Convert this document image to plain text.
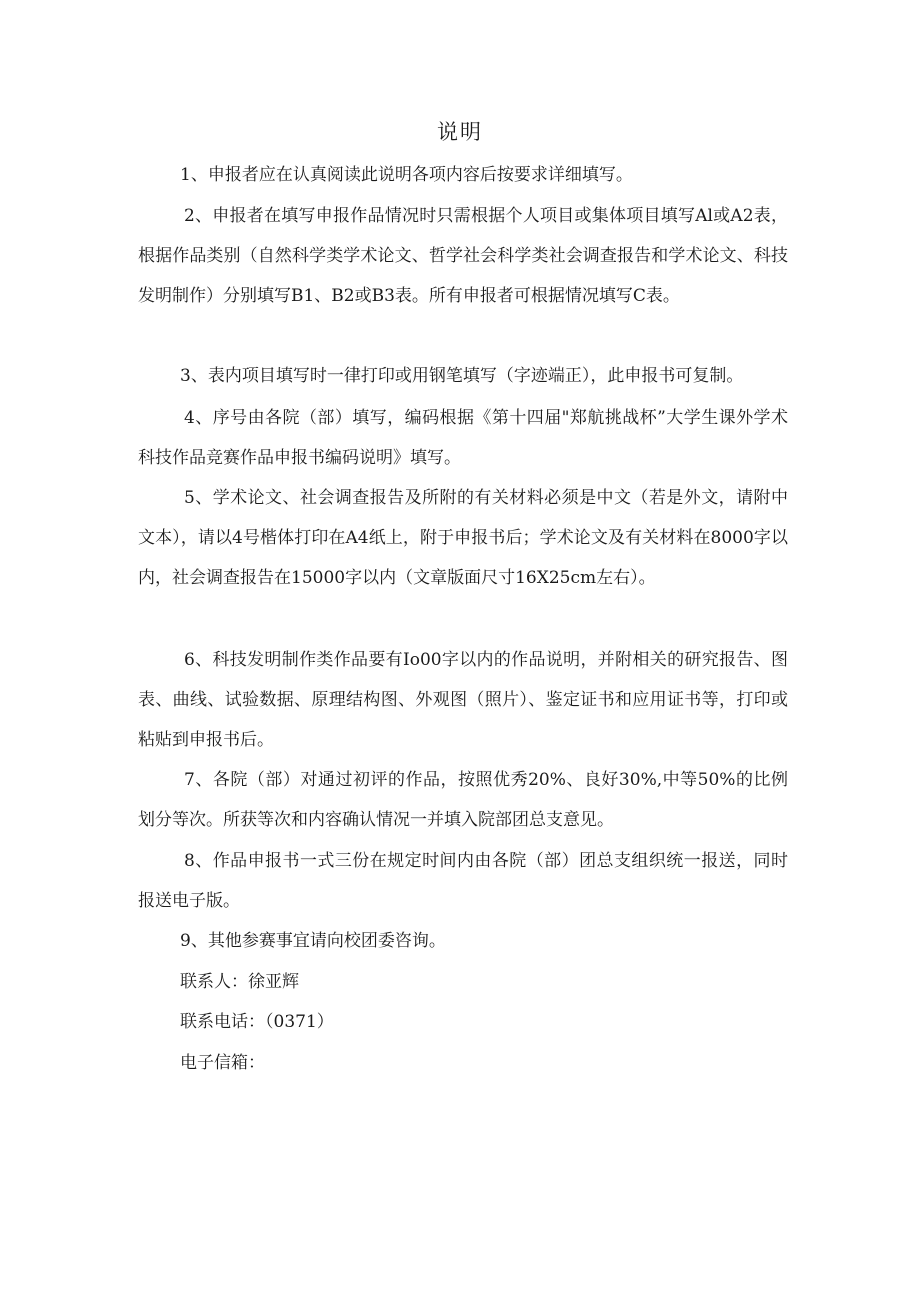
说明
1、申报者应在认真阅读此说明各项内容后按要求详细填写。
2、申报者在填写申报作品情况时只需根据个人项目或集体项目填写Al或A2表，根据作品类别（自然科学类学术论文、哲学社会科学类社会调查报告和学术论文、科技发明制作）分别填写B1、B2或B3表。所有申报者可根据情况填写C表。
3、表内项目填写时一律打印或用钢笔填写（字迹端正），此申报书可复制。
4、序号由各院（部）填写，编码根据《第十四届"郑航挑战杯”大学生课外学术科技作品竞赛作品申报书编码说明》填写。
5、学术论文、社会调查报告及所附的有关材料必须是中文（若是外文，请附中文本），请以4号楷体打印在A4纸上，附于申报书后；学术论文及有关材料在8000字以内，社会调查报告在15000字以内（文章版面尺寸16X25cm左右）。
6、科技发明制作类作品要有Io00字以内的作品说明，并附相关的研究报告、图表、曲线、试验数据、原理结构图、外观图（照片）、鉴定证书和应用证书等，打印或粘贴到申报书后。
7、各院（部）对通过初评的作品，按照优秀20%、良好30%,中等50%的比例划分等次。所获等次和内容确认情况一并填入院部团总支意见。
8、作品申报书一式三份在规定时间内由各院（部）团总支组织统一报送，同时报送电子版。
9、其他参赛事宜请向校团委咨询。
联系人：徐亚辉
联系电话：（0371）
电子信箱：
